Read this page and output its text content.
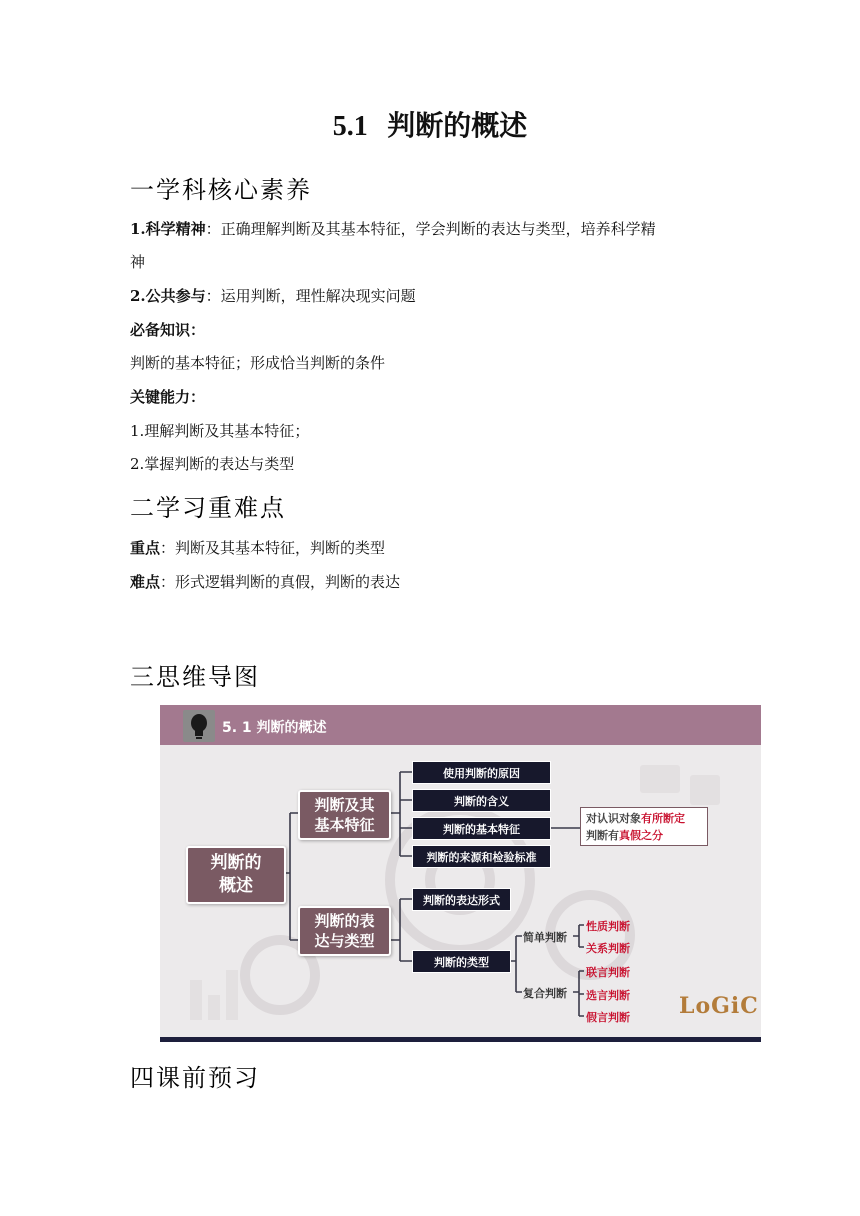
5.1 判断的概述
一学科核心素养

1.科学精神：正确理解判断及其基本特征，学会判断的表达与类型，培养科学精

神

2.公共参与：运用判断，理性解决现实问题

必备知识：

判断的基本特征；形成恰当判断的条件

关键能力：

1.理解判断及其基本特征；

2.掌握判断的表达与类型

二学习重难点

重点：判断及其基本特征，判断的类型

难点：形式逻辑判断的真假，判断的表达

三思维导图
5. 1 判断的概述
判断的
概述
判断及其
基本特征
判断的表
达与类型
使用判断的原因
判断的含义
判断的基本特征
判断的来源和检验标准
对认识对象有所断定
判断有真假之分
判断的表达形式
判断的类型
简单判断
复合判断
性质判断
关系判断
联言判断
选言判断
假言判断 LoGiC
四课前预习
